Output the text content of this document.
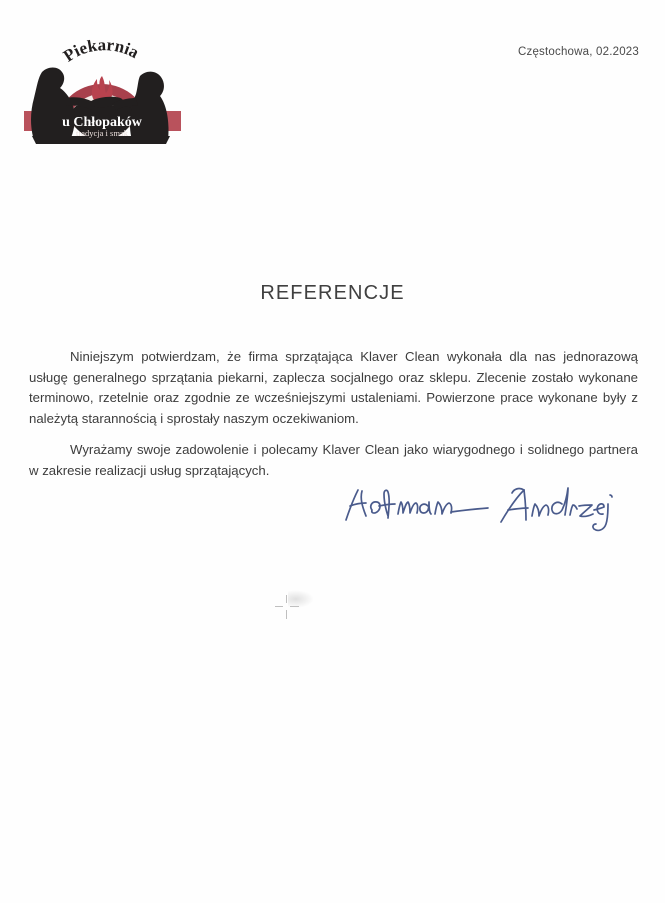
Piekarnia
u Chłopaków
tradycja i smak
Częstochowa, 02.2023
REFERENCJE

Niniejszym potwierdzam, że firma sprzątająca Klaver Clean wykonała dla nas jednorazową usługę generalnego sprzątania piekarni, zaplecza socjalnego oraz sklepu. Zlecenie zostało wykonane terminowo, rzetelnie oraz zgodnie ze wcześniejszymi ustaleniami. Powierzone prace wykonane były z należytą starannością i sprostały naszym oczekiwaniom.

Wyrażamy swoje zadowolenie i polecamy Klaver Clean jako wiarygodnego i solidnego partnera w zakresie realizacji usług sprzątających.
